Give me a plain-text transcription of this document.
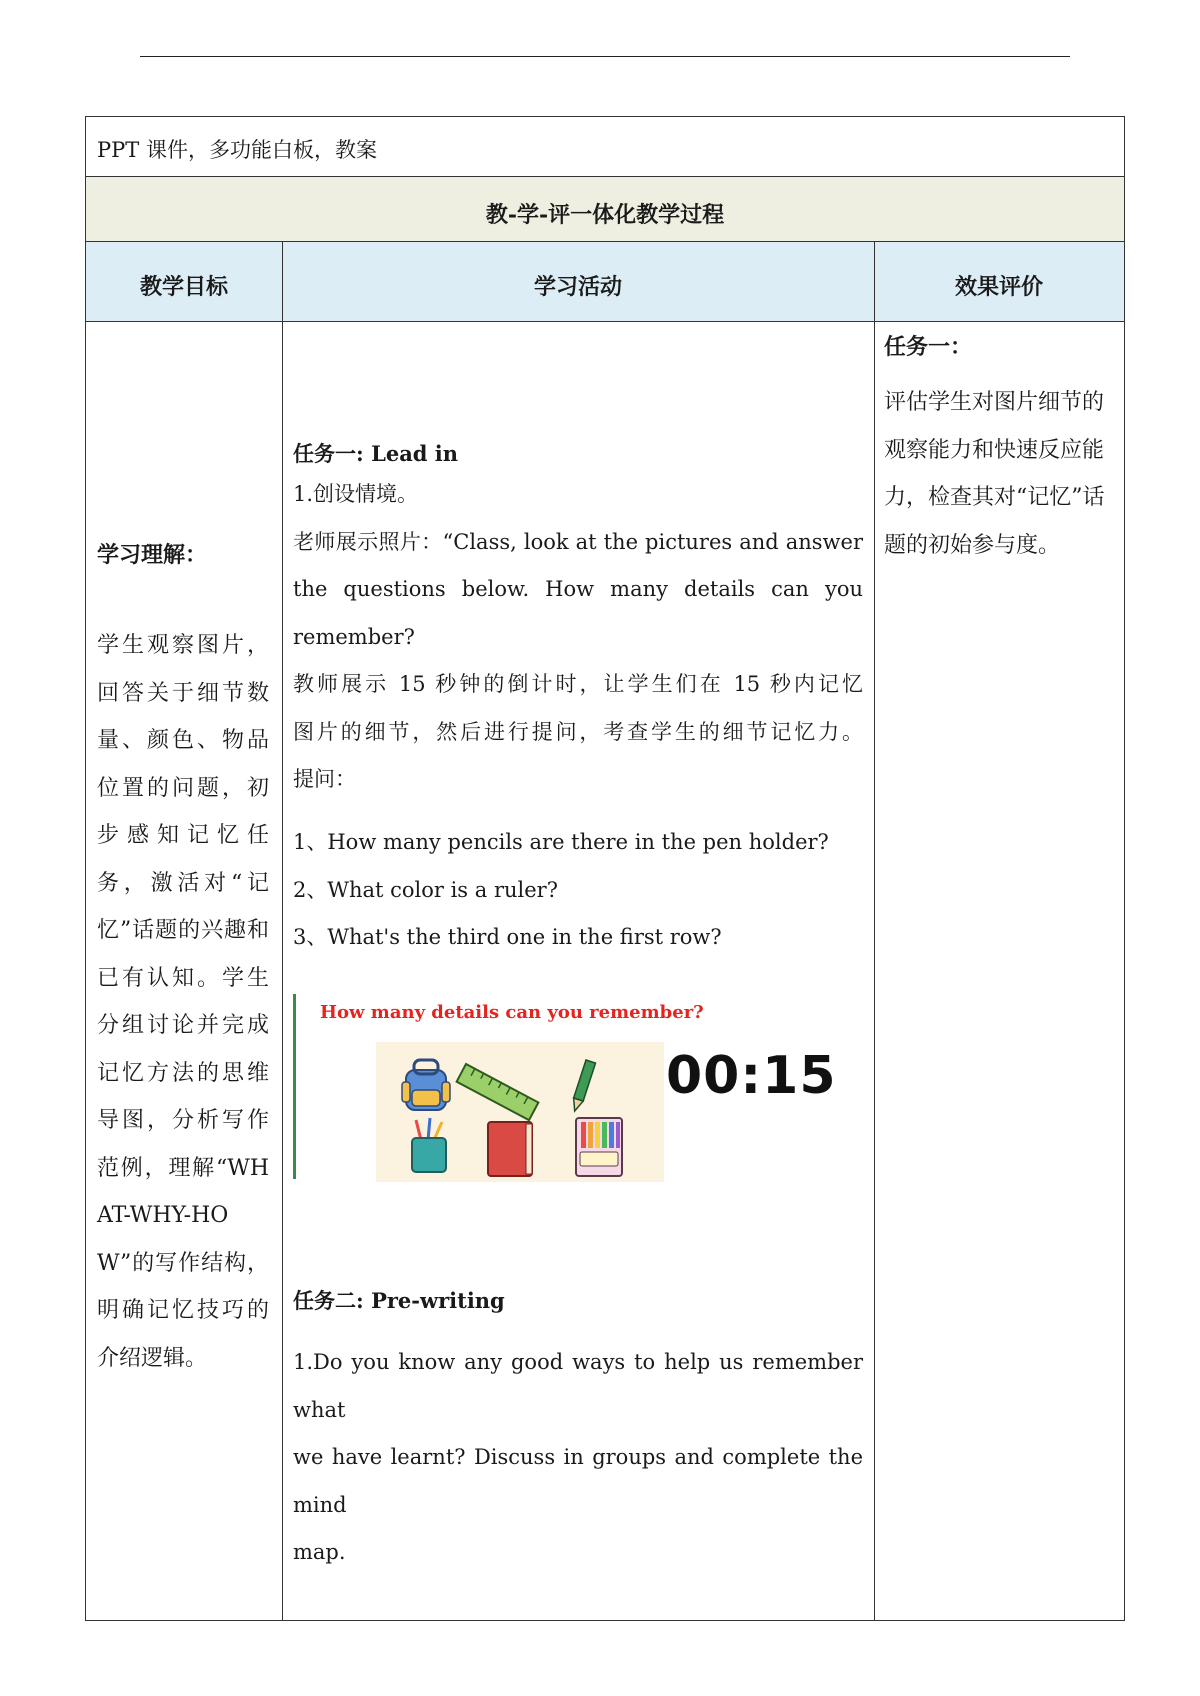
PPT 课件，多功能白板，教案
教-学-评一体化教学过程
教学目标	学习活动	效果评价
学习理解：
学生观察图片，回答关于细节数量、颜色、物品位置的问题，初步感知记忆任务，激活对“记忆”话题的兴趣和已有认知。学生分组讨论并完成记忆方法的思维导图，分析写作范例，理解“WHAT-WHY-HOW”的写作结构，明确记忆技巧的介绍逻辑。
任务一: Lead in
1.创设情境。
老师展示照片：“Class, look at the pictures and answer
the questions below. How many details can you
remember?
教师展示 15 秒钟的倒计时，让学生们在 15 秒内记忆
图片的细节，然后进行提问，考查学生的细节记忆力。
提问：
1、How many pencils are there in the pen holder?
2、What color is a ruler?
3、What's the third one in the first row?
How many details can you remember?
00:15
任务二: Pre-writing
1.Do you know any good ways to help us remember what
we have learnt? Discuss in groups and complete the mind
map.
任务一：
评估学生对图片细节的观察能力和快速反应能力，检查其对“记忆”话题的初始参与度。
